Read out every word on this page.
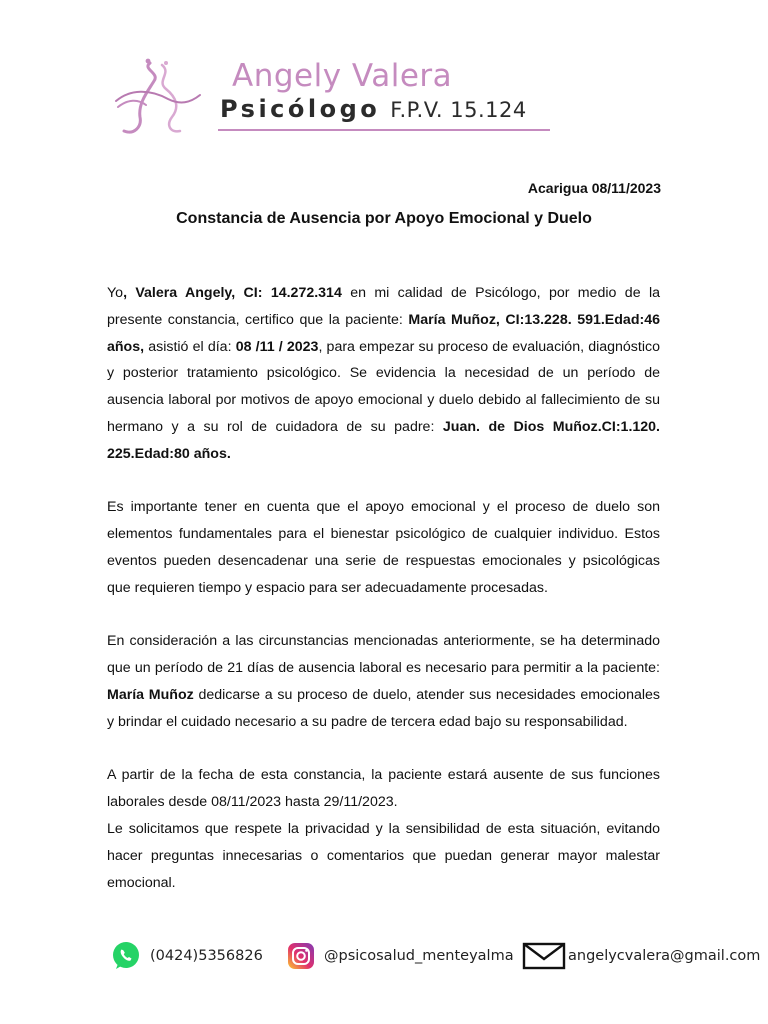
Angely Valera
Psicólogo F.P.V. 15.124
Acarigua 08/11/2023
Constancia de Ausencia por Apoyo Emocional y Duelo

Yo, Valera Angely, CI: 14.272.314 en mi calidad de Psicólogo, por medio de la presente constancia, certifico que la paciente: María Muñoz, CI:13.228. 591.Edad:46 años, asistió el día: 08 /11 / 2023, para empezar su proceso de evaluación, diagnóstico y posterior tratamiento psicológico. Se evidencia la necesidad de un período de ausencia laboral por motivos de apoyo emocional y duelo debido al fallecimiento de su hermano y a su rol de cuidadora de su padre: Juan. de Dios Muñoz.CI:1.120. 225.Edad:80 años.

Es importante tener en cuenta que el apoyo emocional y el proceso de duelo son elementos fundamentales para el bienestar psicológico de cualquier individuo. Estos eventos pueden desencadenar una serie de respuestas emocionales y psicológicas que requieren tiempo y espacio para ser adecuadamente procesadas.

En consideración a las circunstancias mencionadas anteriormente, se ha determinado que un período de 21 días de ausencia laboral es necesario para permitir a la paciente: María Muñoz dedicarse a su proceso de duelo, atender sus necesidades emocionales y brindar el cuidado necesario a su padre de tercera edad bajo su responsabilidad.

A partir de la fecha de esta constancia, la paciente estará ausente de sus funciones laborales desde 08/11/2023 hasta 29/11/2023.

Le solicitamos que respete la privacidad y la sensibilidad de esta situación, evitando hacer preguntas innecesarias o comentarios que puedan generar mayor malestar emocional.

(0424)5356826	@psicosalud_menteyalma	angelycvalera@gmail.com
